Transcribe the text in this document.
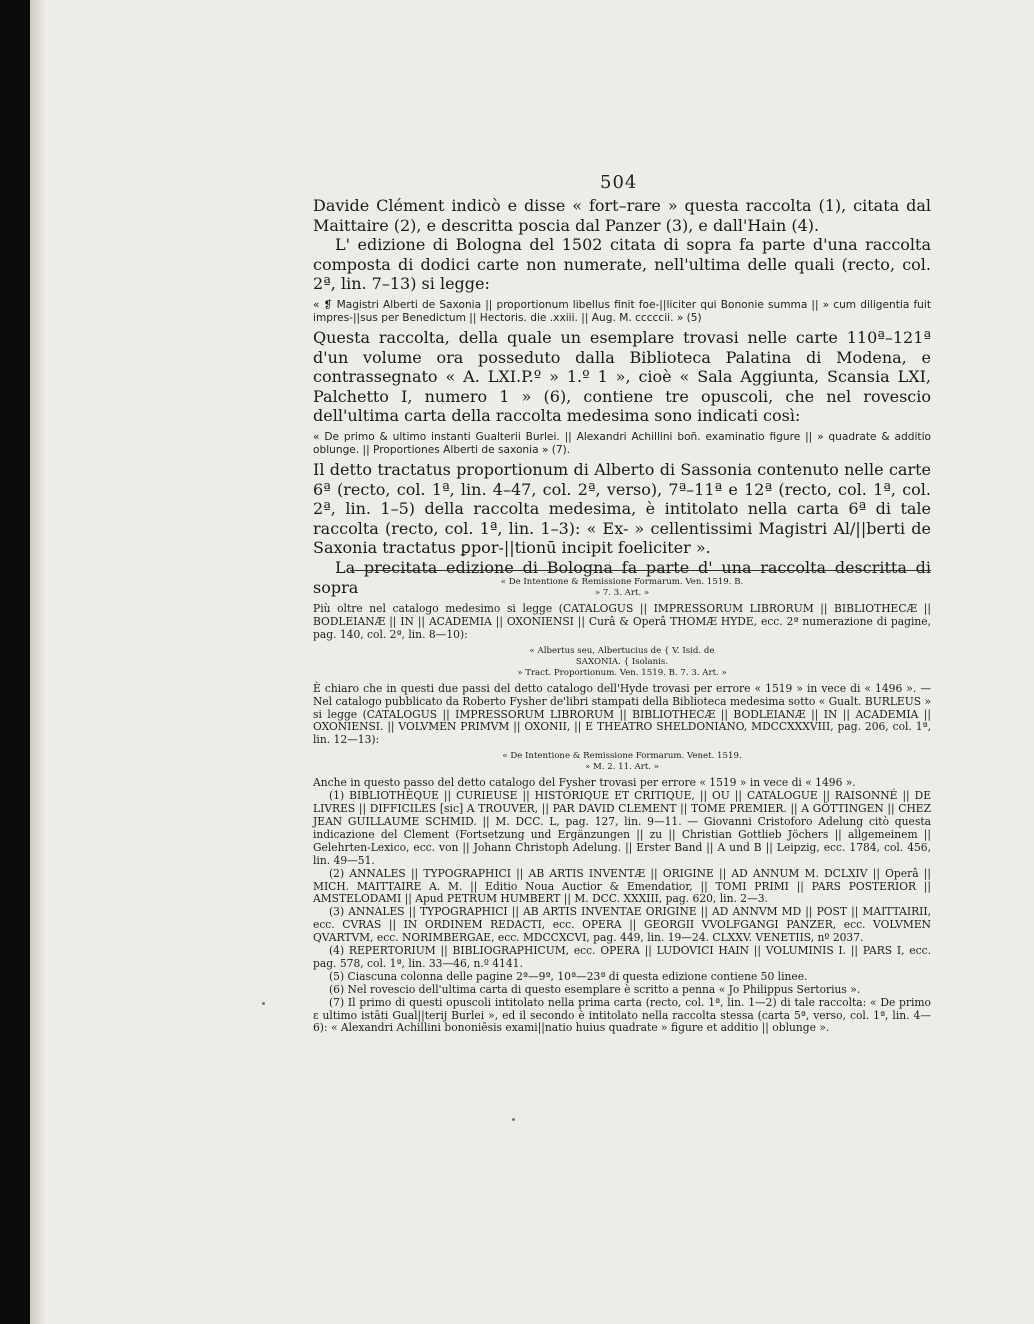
504

Davide Clément indicò e disse « fort–rare » questa raccolta (1), citata dal Maittaire (2), e descritta poscia dal Panzer (3), e dall'Hain (4).

L' edizione di Bologna del 1502 citata di sopra fa parte d'una raccolta composta di dodici carte non numerate, nell'ultima delle quali (recto, col. 2ª, lin. 7–13) si legge:

« ❡ Magistri Alberti de Saxonia || proportionum libellus finit foe-||liciter qui Bononie summa || » cum diligentia fuit impres-||sus per Benedictum || Hectoris. die .xxiii. || Aug. M. cccccii. » (5)

Questa raccolta, della quale un esemplare trovasi nelle carte 110ª–121ª d'un volume ora posseduto dalla Biblioteca Palatina di Modena, e contrassegnato « A. LXI.P.º » 1.º 1 », cioè « Sala Aggiunta, Scansia LXI, Palchetto I, numero 1 » (6), contiene tre opuscoli, che nel rovescio dell'ultima carta della raccolta medesima sono indicati così:

« De primo & ultimo instanti Gualterii Burlei. || Alexandri Achillini boñ. examinatio figure || » quadrate & additio oblunge. || Proportiones Alberti de saxonia » (7).

Il detto tractatus proportionum di Alberto di Sassonia contenuto nelle carte 6ª (recto, col. 1ª, lin. 4–47, col. 2ª, verso), 7ª–11ª e 12ª (recto, col. 1ª, col. 2ª, lin. 1–5) della raccolta medesima, è intitolato nella carta 6ª di tale raccolta (recto, col. 1ª, lin. 1–3): « Ex- » cellentissimi Magistri Al/||berti de Saxonia tractatus ꝑpor-||tionū incipit foeliciter ».

La precitata edizione di Bologna fa parte d' una raccolta descritta di sopra	« De Intentione & Remissione Formarum. Ven. 1519. B.

» 7. 3. Art. »

Più oltre nel catalogo medesimo si legge (CATALOGUS || IMPRESSORUM LIBRORUM || BIBLIOTHECÆ || BODLEIANÆ || IN || ACADEMIA || OXONIENSI || Curâ & Operâ THOMÆ HYDE, ecc. 2ª numerazione di pagine, pag. 140, col. 2ª, lin. 8—10):

« Albertus seu, Albertucius de { V. Isid. de

SAXONIA. { Isolanis.

» Tract. Proportionum. Ven. 1519. B. 7. 3. Art. »

È chiaro che in questi due passi del detto catalogo dell'Hyde trovasi per errore « 1519 » in vece di « 1496 ». — Nel catalogo pubblicato da Roberto Fysher de'libri stampati della Biblioteca medesima sotto « Gualt. BURLEUS » si legge (CATALOGUS || IMPRESSORUM LIBRORUM || BIBLIOTHECÆ || BODLEIANÆ || IN || ACADEMIA || OXONIENSI. || VOLVMEN PRIMVM || OXONII, || E THEATRO SHELDONIANO, MDCCXXXVIII, pag. 206, col. 1ª, lin. 12—13):

« De Intentione & Remissione Formarum. Venet. 1519.

» M. 2. 11. Art. »

Anche in questo passo del detto catalogo del Fysher trovasi per errore « 1519 » in vece di « 1496 ».

(1) BIBLIOTHÈQUE || CURIEUSE || HISTORIQUE ET CRITIQUE, || OU || CATALOGUE || RAISONNÉ || DE LIVRES || DIFFICILES [sic] A TROUVER, || PAR DAVID CLEMENT || TOME PREMIER. || A GÖTTINGEN || CHEZ JEAN GUILLAUME SCHMID. || M. DCC. L, pag. 127, lin. 9—11. — Giovanni Cristoforo Adelung citò questa indicazione del Clement (Fortsetzung und Ergänzungen || zu || Christian Gottlieb Jöchers || allgemeinem || Gelehrten-Lexico, ecc. von || Johann Christoph Adelung. || Erster Band || A und B || Leipzig, ecc. 1784, col. 456, lin. 49—51.

(2) ANNALES || TYPOGRAPHICI || AB ARTIS INVENTÆ || ORIGINE || AD ANNUM M. DCLXIV || Operâ || MICH. MAITTAIRE A. M. || Editio Noua Auctior & Emendatior, || TOMI PRIMI || PARS POSTERIOR || AMSTELODAMI || Apud PETRUM HUMBERT || M. DCC. XXXIII, pag. 620, lin. 2—3.

(3) ANNALES || TYPOGRAPHICI || AB ARTIS INVENTAE ORIGINE || AD ANNVM MD || POST || MAITTAIRII, ecc. CVRAS || IN ORDINEM REDACTI, ecc. OPERA || GEORGII VVOLFGANGI PANZER, ecc. VOLVMEN QVARTVM, ecc. NORIMBERGAE, ecc. MDCCXCVI, pag. 449, lin. 19—24. CLXXV. VENETIIS, nº 2037.

(4) REPERTORIUM || BIBLIOGRAPHICUM, ecc. OPERA || LUDOVICI HAIN || VOLUMINIS I. || PARS I, ecc. pag. 578, col. 1ª, lin. 33—46, n.º 4141.

(5) Ciascuna colonna delle pagine 2ª—9ª, 10ª—23ª di questa edizione contiene 50 linee.

(6) Nel rovescio dell'ultima carta di questo esemplare è scritto a penna « Jo Philippus Sertorius ».

(7) Il primo di questi opuscoli intitolato nella prima carta (recto, col. 1ª, lin. 1—2) di tale raccolta: « De primo ɛ ultimo istāti Gual||terij Burlei », ed il secondo è intitolato nella raccolta stessa (carta 5ª, verso, col. 1ª, lin. 4—6): « Alexandri Achillini bononiēsis exami||natio huius quadrate » figure et additio || oblunge ».
